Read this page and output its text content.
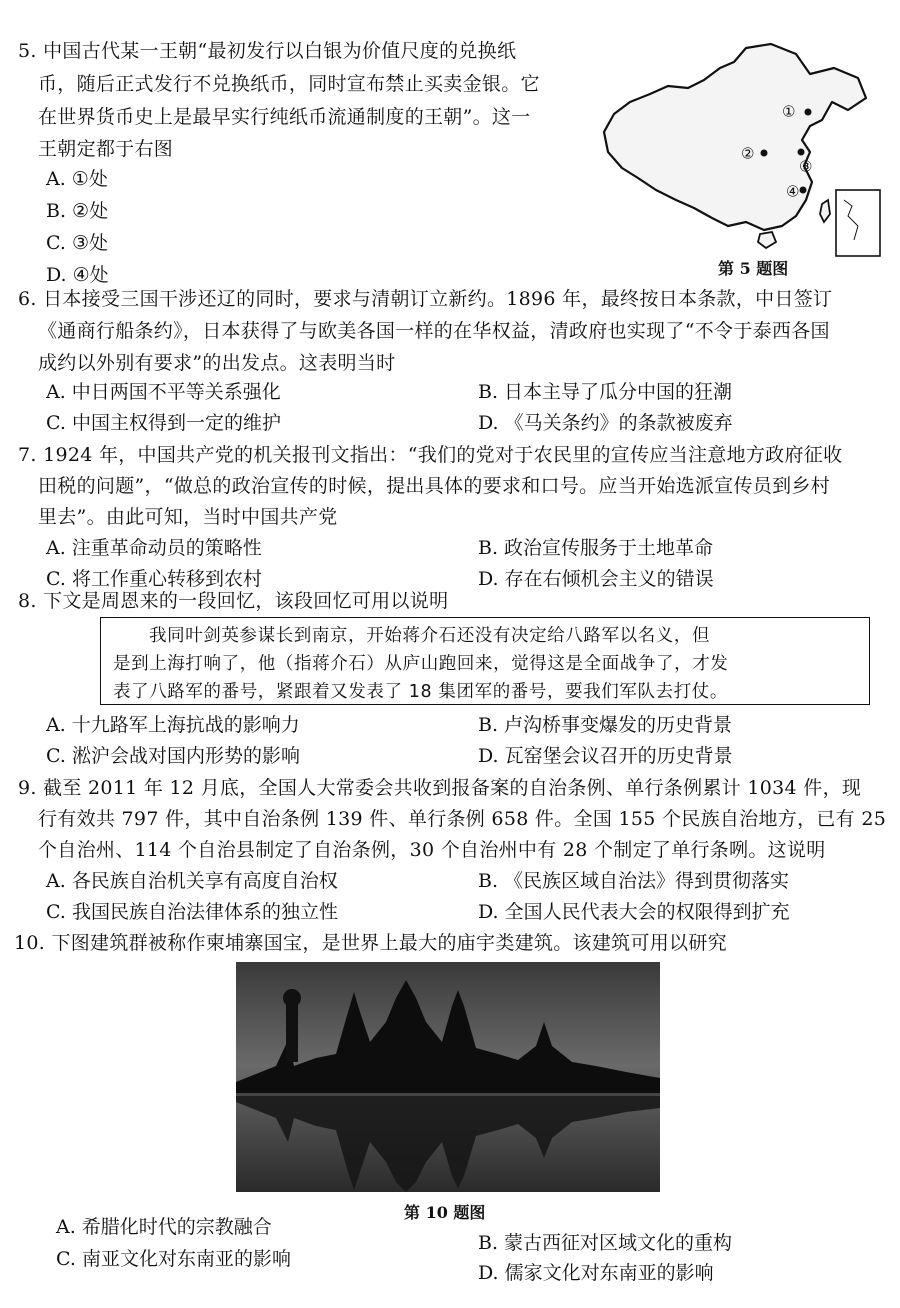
5. 中国古代某一王朝“最初发行以白银为价值尺度的兑换纸
币，随后正式发行不兑换纸币，同时宣布禁止买卖金银。它
在世界货币史上是最早实行纯纸币流通制度的王朝”。这一
王朝定都于右图
A. ①处
B. ②处
C. ③处
D. ④处
①
②
③
④
第 5 题图
6. 日本接受三国干涉还辽的同时，要求与清朝订立新约。1896 年，最终按日本条款，中日签订
《通商行船条约》，日本获得了与欧美各国一样的在华权益，清政府也实现了“不令于泰西各国
成约以外别有要求”的出发点。这表明当时
A. 中日两国不平等关系强化	B. 日本主导了瓜分中国的狂潮
C. 中国主权得到一定的维护	D. 《马关条约》的条款被废弃
7. 1924 年，中国共产党的机关报刊文指出：“我们的党对于农民里的宣传应当注意地方政府征收
田税的问题”，“做总的政治宣传的时候，提出具体的要求和口号。应当开始选派宣传员到乡村
里去”。由此可知，当时中国共产党
A. 注重革命动员的策略性	B. 政治宣传服务于土地革命
C. 将工作重心转移到农村	D. 存在右倾机会主义的错误
8. 下文是周恩来的一段回忆，该段回忆可用以说明

我同叶剑英参谋长到南京，开始蒋介石还没有决定给八路军以名义，但

是到上海打响了，他（指蒋介石）从庐山跑回来，觉得这是全面战争了，才发

表了八路军的番号，紧跟着又发表了 18 集团军的番号，要我们军队去打仗。

A. 十九路军上海抗战的影响力	B. 卢沟桥事变爆发的历史背景
C. 淞沪会战对国内形势的影响	D. 瓦窑堡会议召开的历史背景
9. 截至 2011 年 12 月底，全国人大常委会共收到报备案的自治条例、单行条例累计 1034 件，现
行有效共 797 件，其中自治条例 139 件、单行条例 658 件。全国 155 个民族自治地方，已有 25
个自治州、114 个自治县制定了自治条例，30 个自治州中有 28 个制定了单行条咧。这说明
A. 各民族自治机关享有高度自治权	B. 《民族区域自治法》得到贯彻落实
C. 我国民族自治法律体系的独立性	D. 全国人民代表大会的权限得到扩充
10. 下图建筑群被称作柬埔寨国宝，是世界上最大的庙宇类建筑。该建筑可用以研究
第 10 题图
A. 希腊化时代的宗教融合
B. 蒙古西征对区域文化的重构
C. 南亚文化对东南亚的影响
D. 儒家文化对东南亚的影响
